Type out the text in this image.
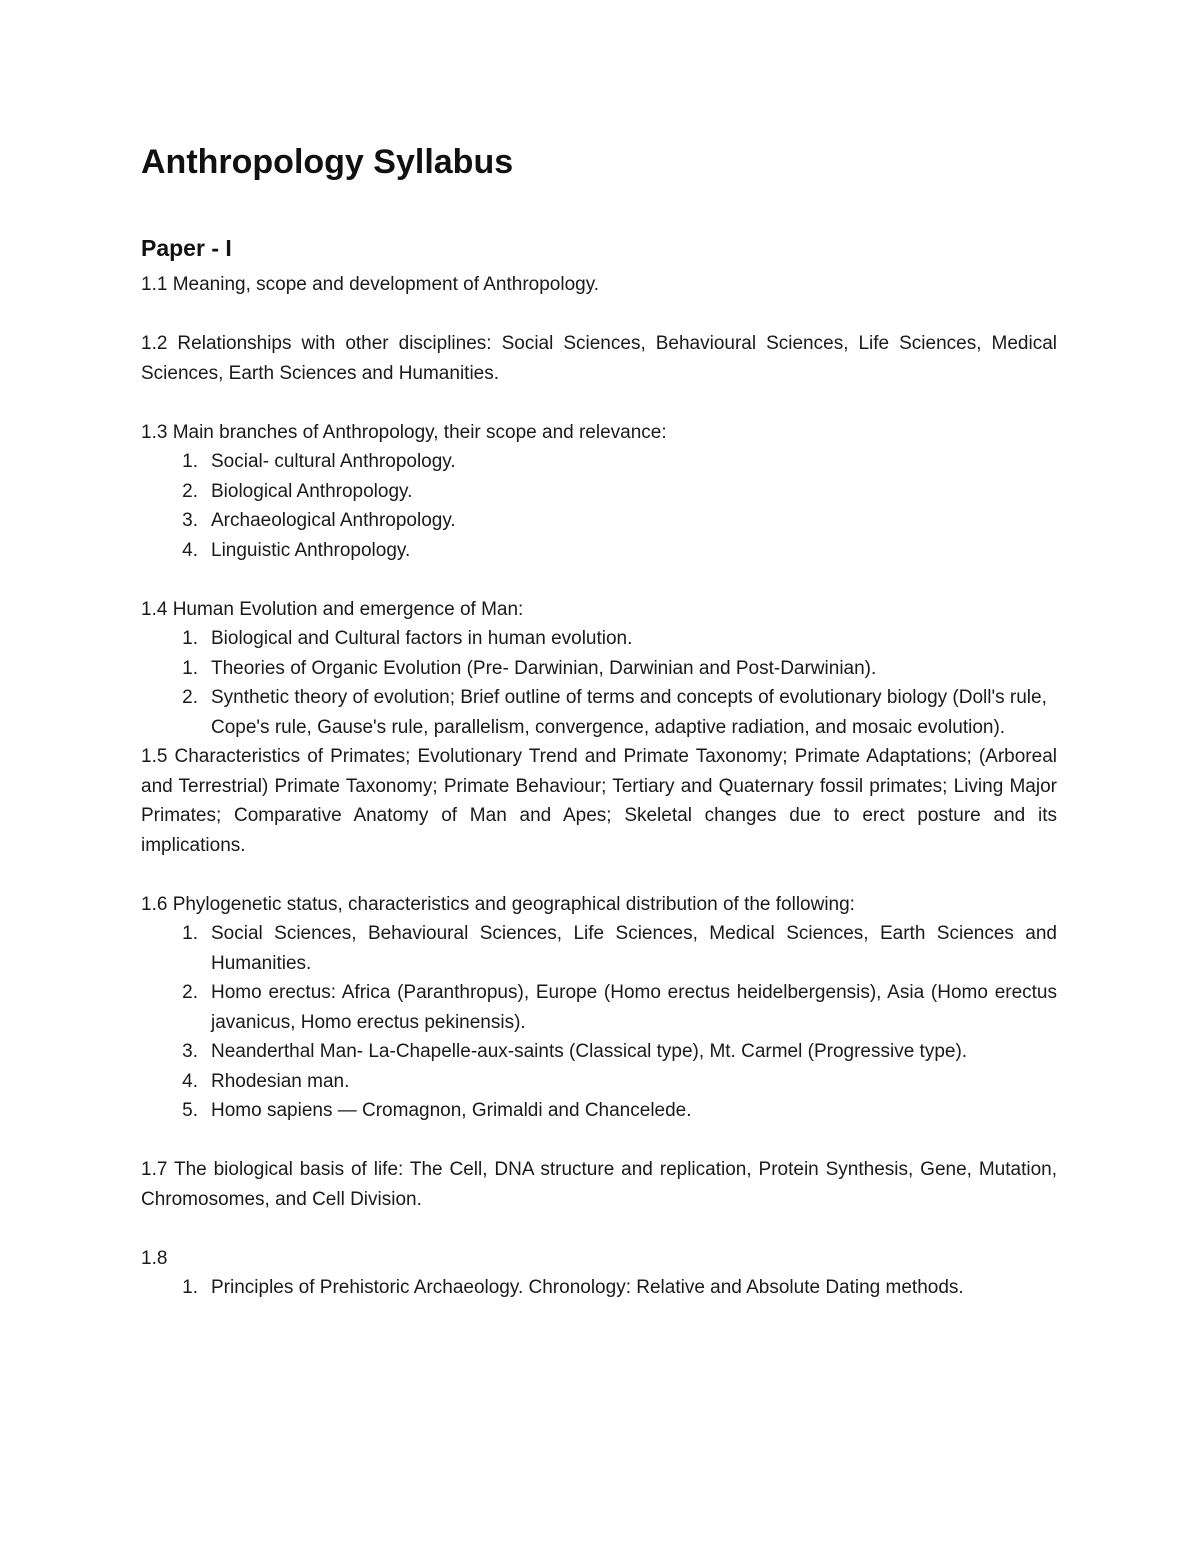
Anthropology Syllabus
Paper - I

1.1 Meaning, scope and development of Anthropology.

1.2 Relationships with other disciplines: Social Sciences, Behavioural Sciences, Life Sciences, Medical Sciences, Earth Sciences and Humanities.

1.3 Main branches of Anthropology, their scope and relevance:

1. Social- cultural Anthropology.
2. Biological Anthropology.
3. Archaeological Anthropology.
4. Linguistic Anthropology.

1.4 Human Evolution and emergence of Man:

1. Biological and Cultural factors in human evolution.
1. Theories of Organic Evolution (Pre- Darwinian, Darwinian and Post-Darwinian).
2. Synthetic theory of evolution; Brief outline of terms and concepts of evolutionary biology (Doll's rule, Cope's rule, Gause's rule, parallelism, convergence, adaptive radiation, and mosaic evolution).

1.5 Characteristics of Primates; Evolutionary Trend and Primate Taxonomy; Primate Adaptations; (Arboreal and Terrestrial) Primate Taxonomy; Primate Behaviour; Tertiary and Quaternary fossil primates; Living Major Primates; Comparative Anatomy of Man and Apes; Skeletal changes due to erect posture and its implications.

1.6 Phylogenetic status, characteristics and geographical distribution of the following:

1. Social Sciences, Behavioural Sciences, Life Sciences, Medical Sciences, Earth Sciences and Humanities.
2. Homo erectus: Africa (Paranthropus), Europe (Homo erectus heidelbergensis), Asia (Homo erectus javanicus, Homo erectus pekinensis).
3. Neanderthal Man- La-Chapelle-aux-saints (Classical type), Mt. Carmel (Progressive type).
4. Rhodesian man.
5. Homo sapiens — Cromagnon, Grimaldi and Chancelede.

1.7 The biological basis of life: The Cell, DNA structure and replication, Protein Synthesis, Gene, Mutation, Chromosomes, and Cell Division.

1.8

1. Principles of Prehistoric Archaeology. Chronology: Relative and Absolute Dating methods.
